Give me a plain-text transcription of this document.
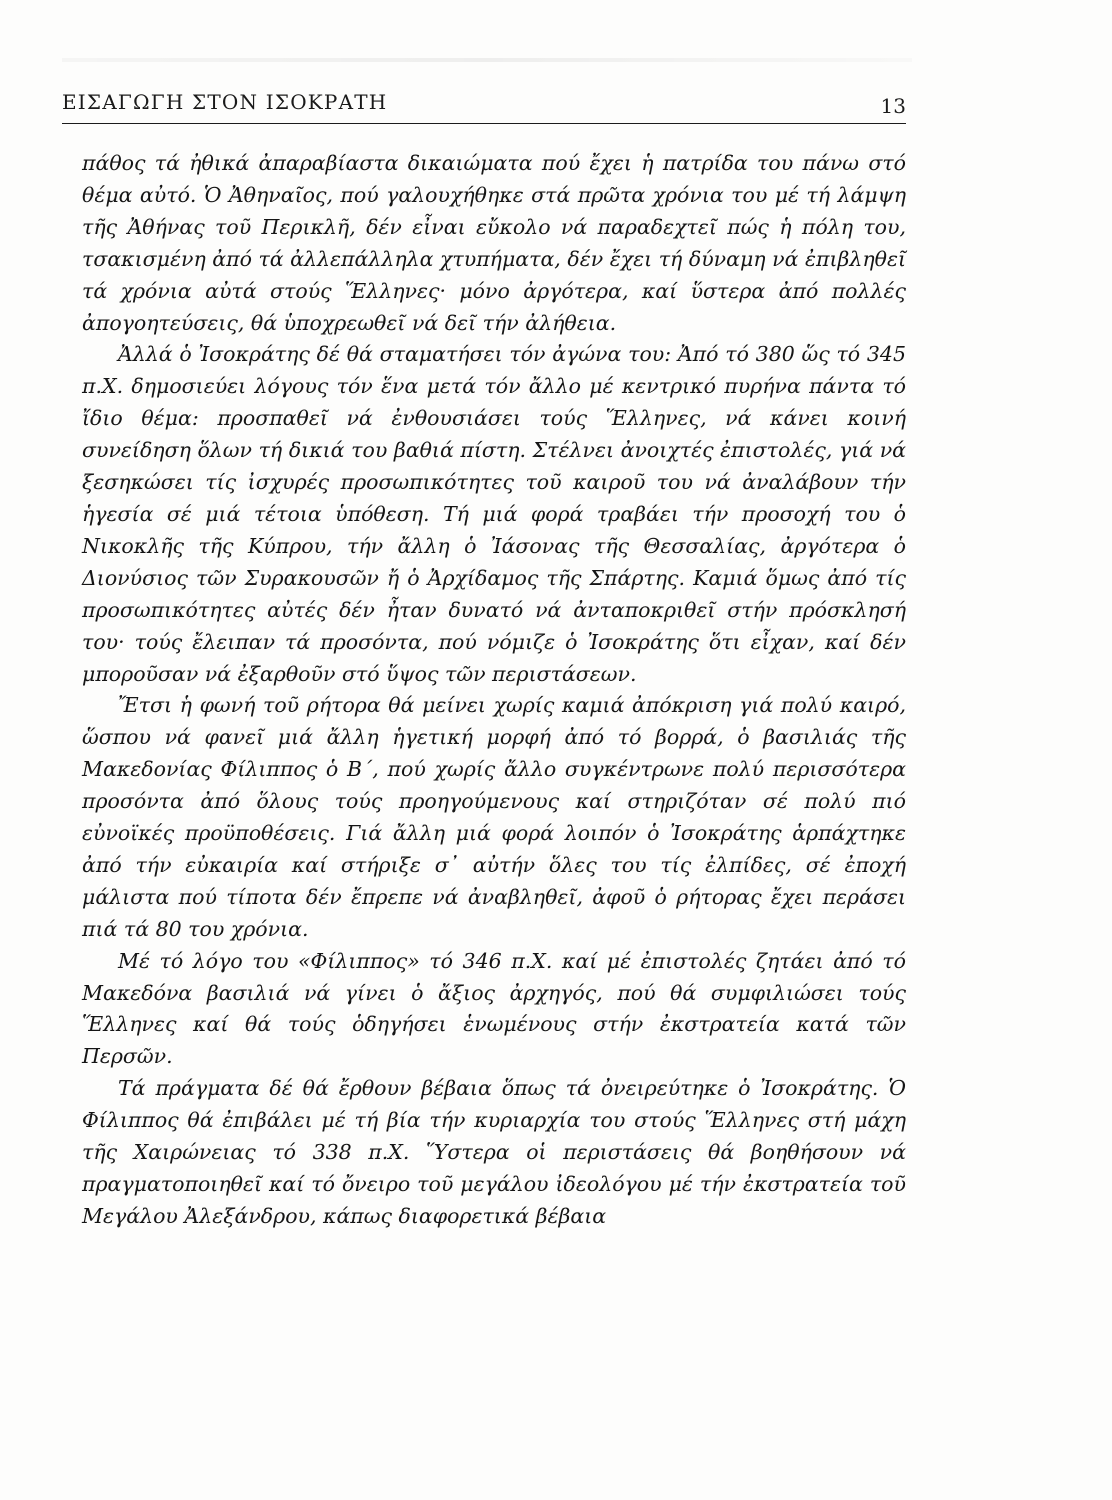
ΕΙΣΑΓΩΓΗ ΣΤΟΝ ΙΣΟΚΡΑΤΗ	13

πάθος τά ἠθικά ἀπαραβίαστα δικαιώματα πού ἔχει ἡ πατρίδα του πάνω στό θέμα αὐτό. Ὁ Ἀθηναῖος, πού γαλουχήθηκε στά πρῶτα χρόνια του μέ τή λάμψη τῆς Ἀθήνας τοῦ Περικλῆ, δέν εἶναι εὔκολο νά παραδεχτεῖ πώς ἡ πόλη του, τσακισμένη ἀπό τά ἀλλεπάλληλα χτυπήματα, δέν ἔχει τή δύναμη νά ἐπιβληθεῖ τά χρόνια αὐτά στούς Ἕλληνες· μόνο ἀργότερα, καί ὕστερα ἀπό πολλές ἀπογοητεύσεις, θά ὑποχρεωθεῖ νά δεῖ τήν ἀλήθεια.

Ἀλλά ὁ Ἰσοκράτης δέ θά σταματήσει τόν ἀγώνα του: Ἀπό τό 380 ὥς τό 345 π.Χ. δημοσιεύει λόγους τόν ἕνα μετά τόν ἄλλο μέ κεντρικό πυρήνα πάντα τό ἴδιο θέμα: προσπαθεῖ νά ἐνθουσιάσει τούς Ἕλληνες, νά κάνει κοινή συνείδηση ὅλων τή δικιά του βαθιά πίστη. Στέλνει ἀνοιχτές ἐπιστολές, γιά νά ξεσηκώσει τίς ἰσχυρές προσωπικότητες τοῦ καιροῦ του νά ἀναλάβουν τήν ἡγεσία σέ μιά τέτοια ὑπόθεση. Τή μιά φορά τραβάει τήν προσοχή του ὁ Νικοκλῆς τῆς Κύπρου, τήν ἄλλη ὁ Ἰάσονας τῆς Θεσσαλίας, ἀργότερα ὁ Διονύσιος τῶν Συρακουσῶν ἤ ὁ Ἀρχίδαμος τῆς Σπάρτης. Καμιά ὅμως ἀπό τίς προσωπικότητες αὐτές δέν ἦταν δυνατό νά ἀνταποκριθεῖ στήν πρόσκλησή του· τούς ἔλειπαν τά προσόντα, πού νόμιζε ὁ Ἰσοκράτης ὅτι εἶχαν, καί δέν μποροῦσαν νά ἐξαρθοῦν στό ὕψος τῶν περιστάσεων.

Ἔτσι ἡ φωνή τοῦ ρήτορα θά μείνει χωρίς καμιά ἀπόκριση γιά πολύ καιρό, ὥσπου νά φανεῖ μιά ἄλλη ἡγετική μορφή ἀπό τό βορρά, ὁ βασιλιάς τῆς Μακεδονίας Φίλιππος ὁ Β΄, πού χωρίς ἄλλο συγκέντρωνε πολύ περισσότερα προσόντα ἀπό ὅλους τούς προηγούμενους καί στηριζόταν σέ πολύ πιό εὐνοϊκές προϋποθέσεις. Γιά ἄλλη μιά φορά λοιπόν ὁ Ἰσοκράτης ἁρπάχτηκε ἀπό τήν εὐκαιρία καί στήριξε σ᾽ αὐτήν ὅλες του τίς ἐλπίδες, σέ ἐποχή μάλιστα πού τίποτα δέν ἔπρεπε νά ἀναβληθεῖ, ἀφοῦ ὁ ρήτορας ἔχει περάσει πιά τά 80 του χρόνια.

Μέ τό λόγο του «Φίλιππος» τό 346 π.Χ. καί μέ ἐπιστολές ζητάει ἀπό τό Μακεδόνα βασιλιά νά γίνει ὁ ἄξιος ἀρχηγός, πού θά συμφιλιώσει τούς Ἕλληνες καί θά τούς ὁδηγήσει ἑνωμένους στήν ἐκστρατεία κατά τῶν Περσῶν.

Τά πράγματα δέ θά ἔρθουν βέβαια ὅπως τά ὀνειρεύτηκε ὁ Ἰσοκράτης. Ὁ Φίλιππος θά ἐπιβάλει μέ τή βία τήν κυριαρχία του στούς Ἕλληνες στή μάχη τῆς Χαιρώνειας τό 338 π.Χ. Ὕστερα οἱ περιστάσεις θά βοηθήσουν νά πραγματοποιηθεῖ καί τό ὄνειρο τοῦ μεγάλου ἰδεολόγου μέ τήν ἐκστρατεία τοῦ Μεγάλου Ἀλεξάνδρου, κάπως διαφορετικά βέβαια
